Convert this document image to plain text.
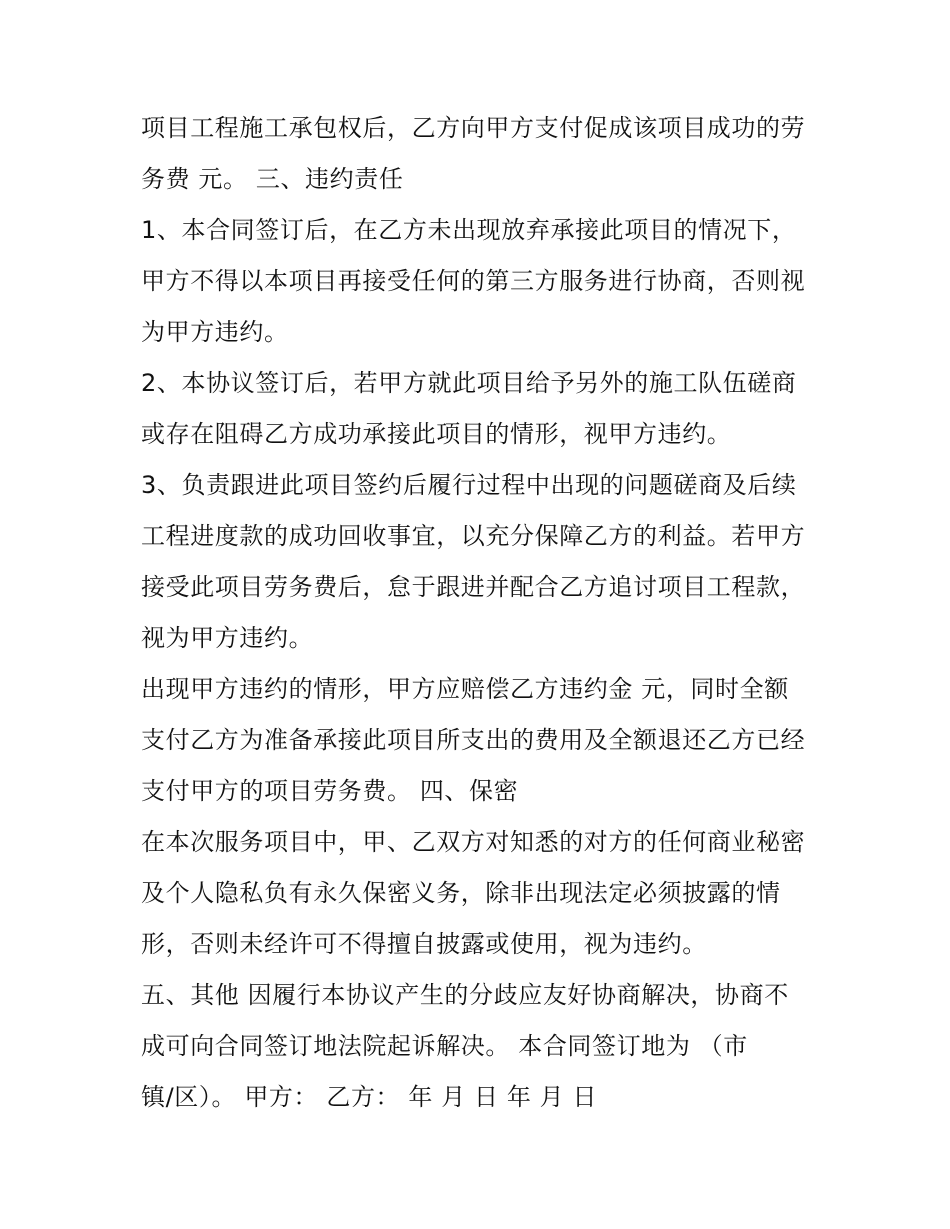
项目工程施工承包权后，乙方向甲方支付促成该项目成功的劳
务费 元。 三、违约责任
1、本合同签订后，在乙方未出现放弃承接此项目的情况下，
甲方不得以本项目再接受任何的第三方服务进行协商，否则视
为甲方违约。
2、本协议签订后，若甲方就此项目给予另外的施工队伍磋商
或存在阻碍乙方成功承接此项目的情形，视甲方违约。
3、负责跟进此项目签约后履行过程中出现的问题磋商及后续
工程进度款的成功回收事宜，以充分保障乙方的利益。若甲方
接受此项目劳务费后，怠于跟进并配合乙方追讨项目工程款，
视为甲方违约。
出现甲方违约的情形，甲方应赔偿乙方违约金 元，同时全额
支付乙方为准备承接此项目所支出的费用及全额退还乙方已经
支付甲方的项目劳务费。 四、保密
在本次服务项目中，甲、乙双方对知悉的对方的任何商业秘密
及个人隐私负有永久保密义务，除非出现法定必须披露的情
形，否则未经许可不得擅自披露或使用，视为违约。
五、其他 因履行本协议产生的分歧应友好协商解决，协商不
成可向合同签订地法院起诉解决。 本合同签订地为 （市
镇/区）。 甲方： 乙方： 年 月 日 年 月 日
